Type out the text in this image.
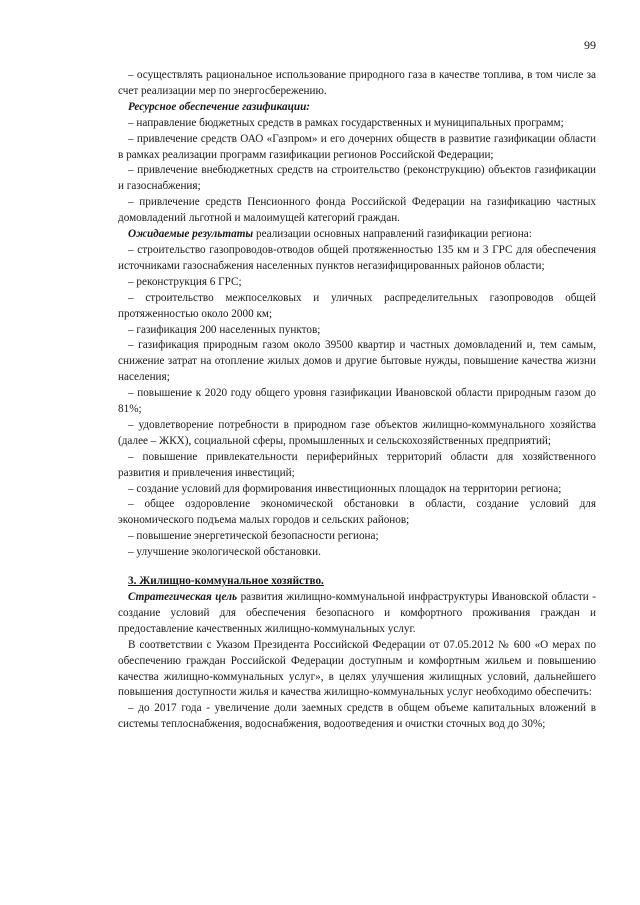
99

– осуществлять рациональное использование природного газа в качестве топлива, в том числе за счет реализации мер по энергосбережению.

Ресурсное обеспечение газификации:

– направление бюджетных средств в рамках государственных и муниципальных программ;

– привлечение средств ОАО «Газпром» и его дочерних обществ в развитие газификации области в рамках реализации программ газификации регионов Российской Федерации;

– привлечение внебюджетных средств на строительство (реконструкцию) объектов газификации и газоснабжения;

– привлечение средств Пенсионного фонда Российской Федерации на газификацию частных домовладений льготной и малоимущей категорий граждан.

Ожидаемые результаты реализации основных направлений газификации региона:

– строительство газопроводов-отводов общей протяженностью 135 км и 3 ГРС для обеспечения источниками газоснабжения населенных пунктов негазифицированных районов области;

– реконструкция 6 ГРС;

– строительство межпоселковых и уличных распределительных газопроводов общей протяженностью около 2000 км;

– газификация 200 населенных пунктов;

– газификация природным газом около 39500 квартир и частных домовладений и, тем самым, снижение затрат на отопление жилых домов и другие бытовые нужды, повышение качества жизни населения;

– повышение к 2020 году общего уровня газификации Ивановской области природным газом до 81%;

– удовлетворение потребности в природном газе объектов жилищно-коммунального хозяйства (далее – ЖКХ), социальной сферы, промышленных и сельскохозяйственных предприятий;

– повышение привлекательности периферийных территорий области для хозяйственного развития и привлечения инвестиций;

– создание условий для формирования инвестиционных площадок на территории региона;

– общее оздоровление экономической обстановки в области, создание условий для экономического подъема малых городов и сельских районов;

– повышение энергетической безопасности региона;

– улучшение экологической обстановки.

3. Жилищно-коммунальное хозяйство.

Стратегическая цель развития жилищно-коммунальной инфраструктуры Ивановской области - создание условий для обеспечения безопасного и комфортного проживания граждан и предоставление качественных жилищно-коммунальных услуг.

В соответствии с Указом Президента Российской Федерации от 07.05.2012 № 600 «О мерах по обеспечению граждан Российской Федерации доступным и комфортным жильем и повышению качества жилищно-коммунальных услуг», в целях улучшения жилищных условий, дальнейшего повышения доступности жилья и качества жилищно-коммунальных услуг необходимо обеспечить:

– до 2017 года - увеличение доли заемных средств в общем объеме капитальных вложений в системы теплоснабжения, водоснабжения, водоотведения и очистки сточных вод до 30%;
